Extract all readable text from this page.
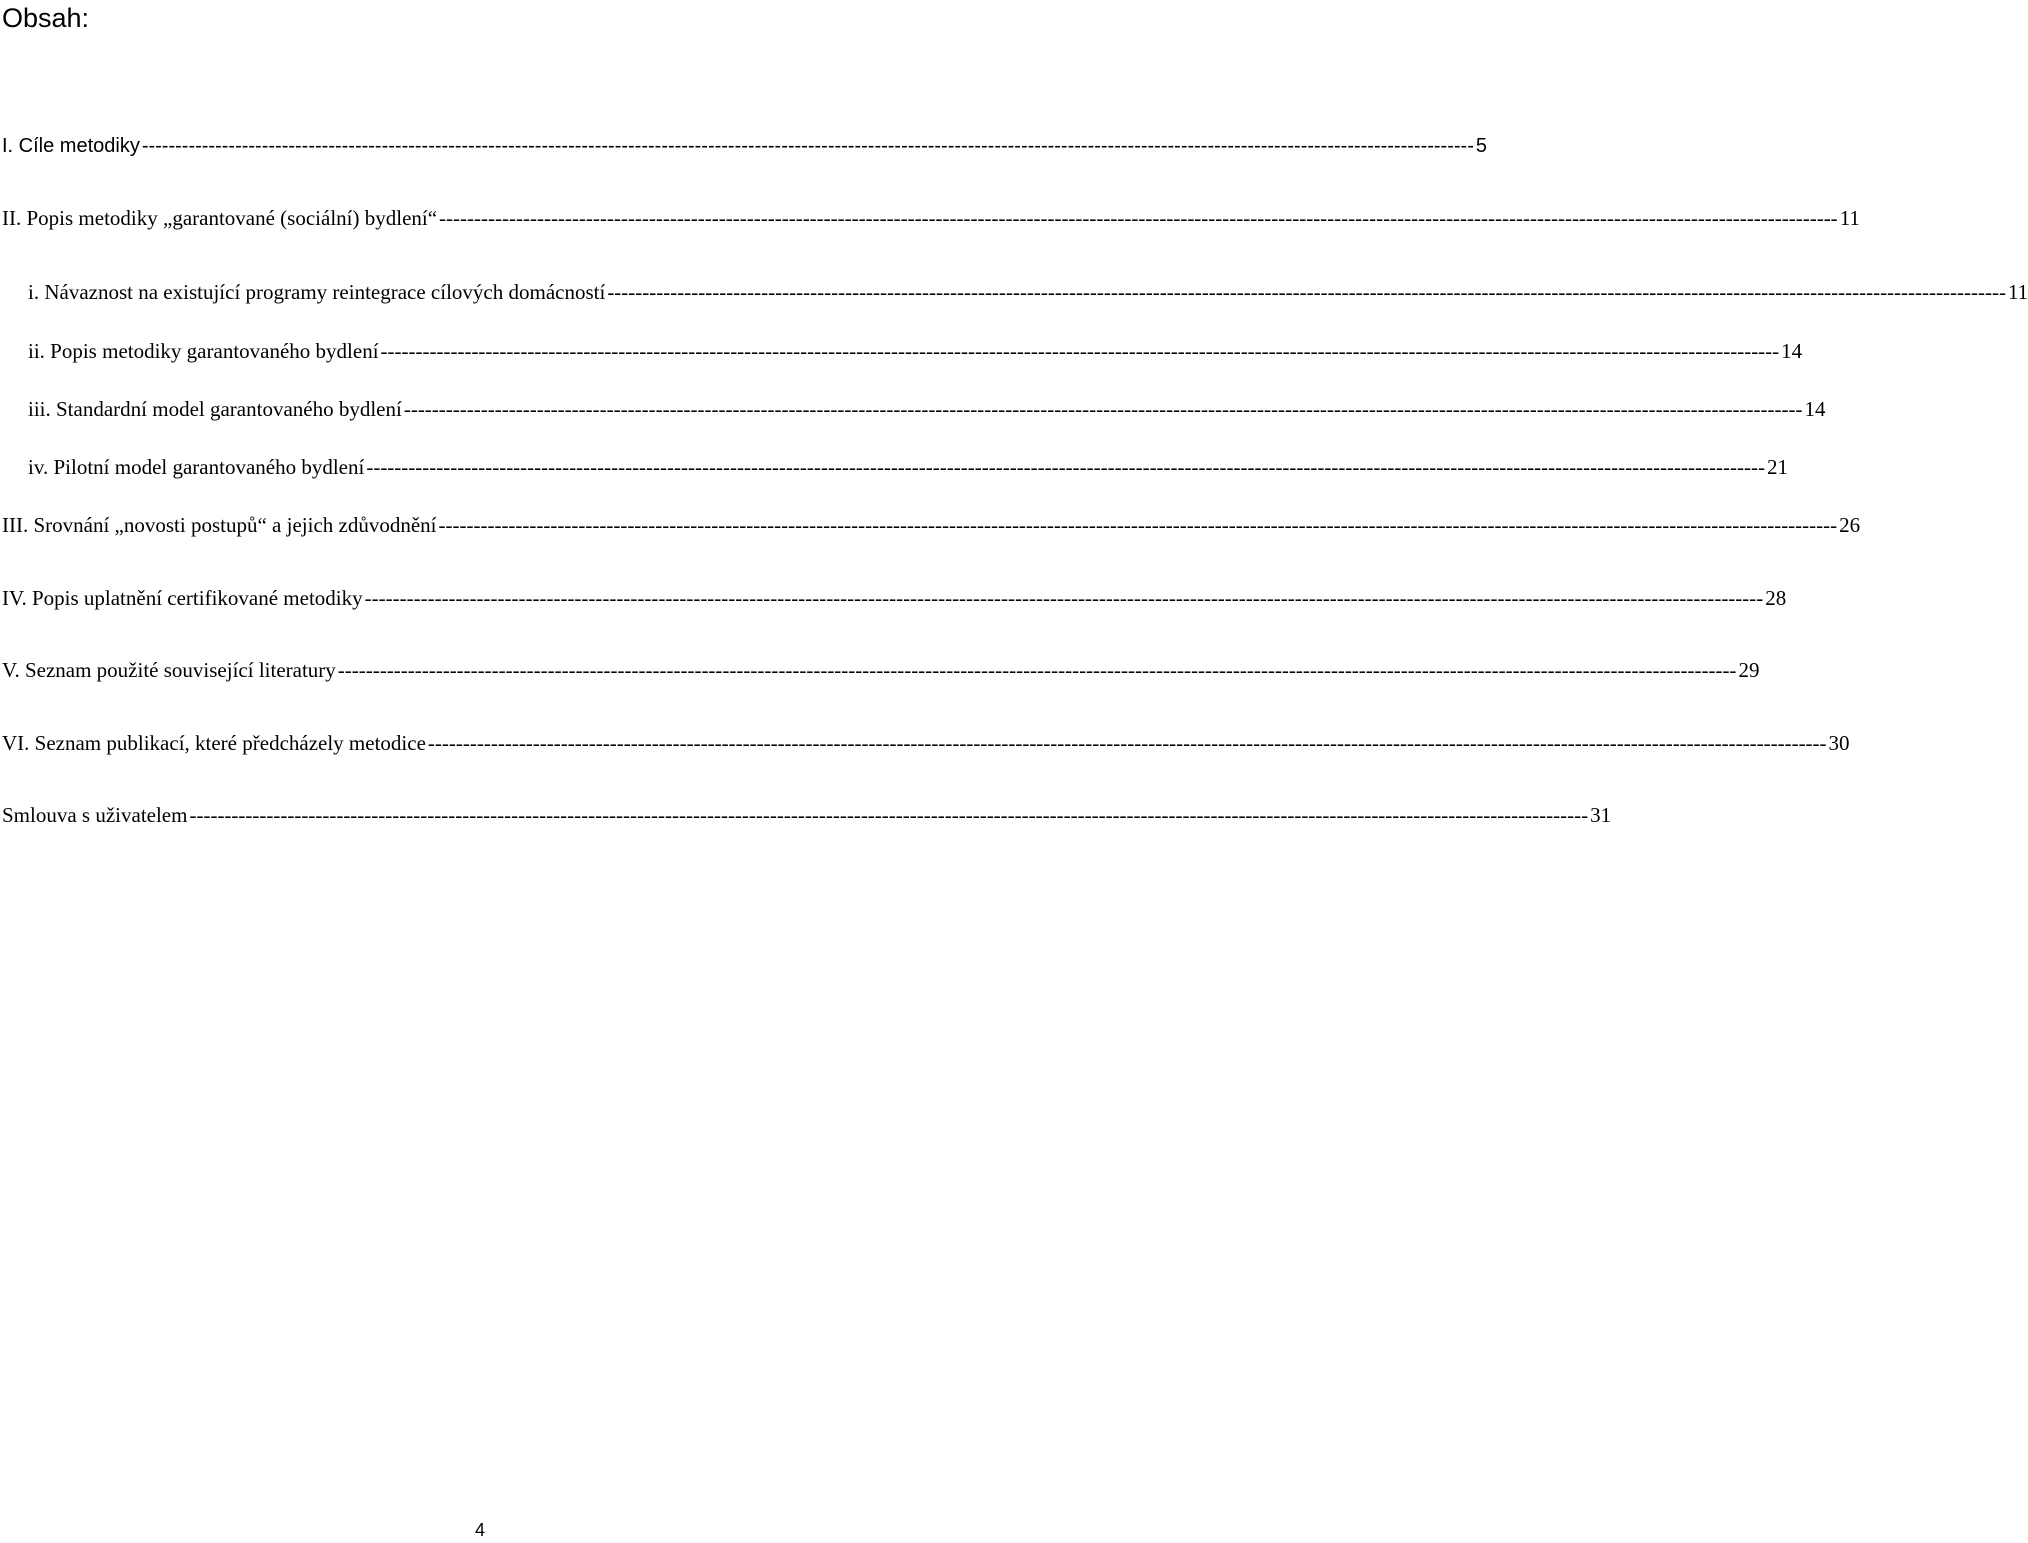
Obsah:
I. Cíle metodiky -------------------------------------------------------------------------------------------------------------------------------------------------------------------------------------------------------- 5
II. Popis metodiky „garantované (sociální) bydlení“ -------------------------------------------------------------------------------------------------------------------------------------------------------------------------------------------------------- 11
i. Návaznost na existující programy reintegrace cílových domácností -------------------------------------------------------------------------------------------------------------------------------------------------------------------------------------------------------- 11
ii. Popis metodiky garantovaného bydlení -------------------------------------------------------------------------------------------------------------------------------------------------------------------------------------------------------- 14
iii. Standardní model garantovaného bydlení -------------------------------------------------------------------------------------------------------------------------------------------------------------------------------------------------------- 14
iv. Pilotní model garantovaného bydlení -------------------------------------------------------------------------------------------------------------------------------------------------------------------------------------------------------- 21
III. Srovnání „novosti postupů“ a jejich zdůvodnění -------------------------------------------------------------------------------------------------------------------------------------------------------------------------------------------------------- 26
IV. Popis uplatnění certifikované metodiky -------------------------------------------------------------------------------------------------------------------------------------------------------------------------------------------------------- 28
V. Seznam použité související literatury -------------------------------------------------------------------------------------------------------------------------------------------------------------------------------------------------------- 29
VI. Seznam publikací, které předcházely metodice -------------------------------------------------------------------------------------------------------------------------------------------------------------------------------------------------------- 30
Smlouva s uživatelem -------------------------------------------------------------------------------------------------------------------------------------------------------------------------------------------------------- 31
4
